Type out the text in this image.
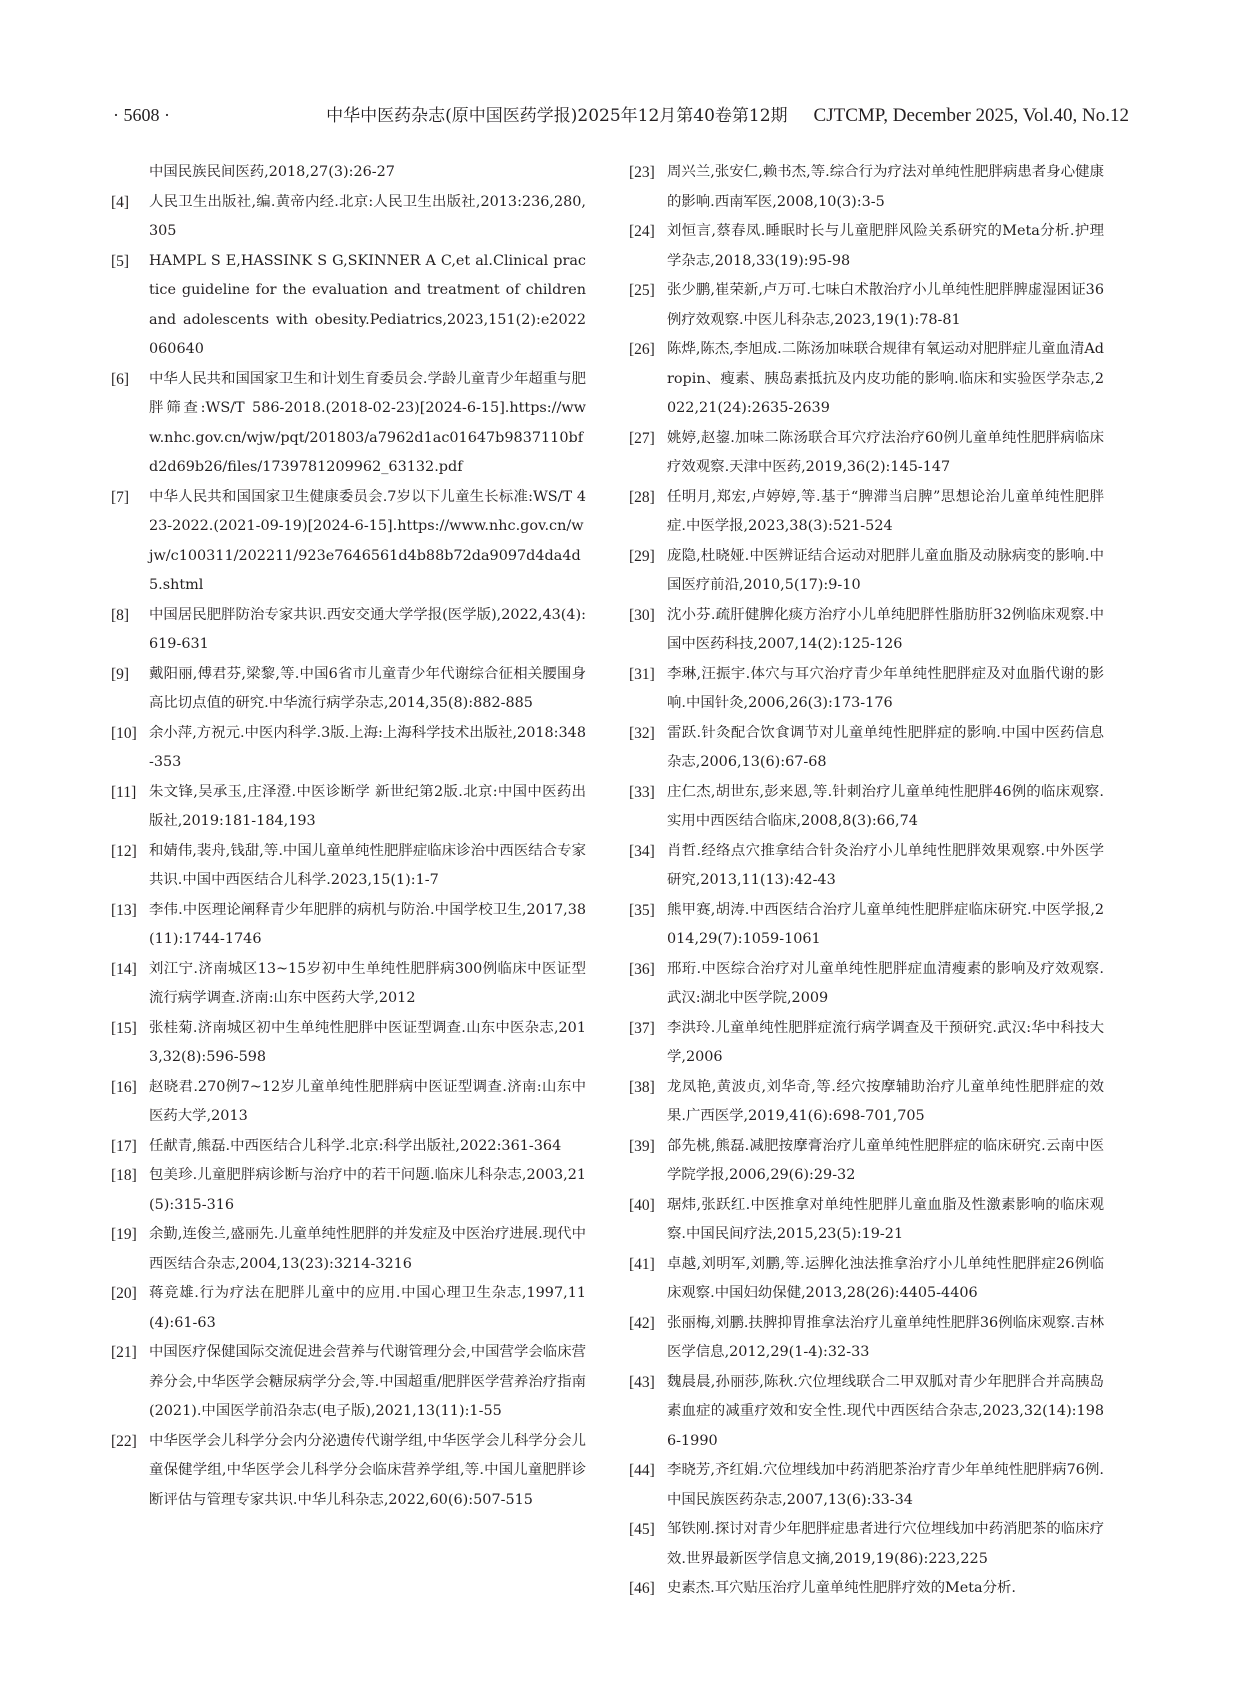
· 5608 ·	中华中医药杂志(原中国医药学报)2025年12月第40卷第12期	CJTCMP, December 2025, Vol.40, No.12
中国民族民间医药,2018,27(3):26-27
[4] 人民卫生出版社,编.黄帝内经.北京:人民卫生出版社,2013:236,280,305
[5] HAMPL S E,HASSINK S G,SKINNER A C,et al.Clinical practice guideline for the evaluation and treatment of children and adolescents with obesity.Pediatrics,2023,151(2):e2022060640
[6] 中华人民共和国国家卫生和计划生育委员会.学龄儿童青少年超重与肥胖筛查:WS/T 586-2018.(2018-02-23)[2024-6-15].https://www.nhc.gov.cn/wjw/pqt/201803/a7962d1ac01647b9837110bfd2d69b26/files/1739781209962_63132.pdf
[7] 中华人民共和国国家卫生健康委员会.7岁以下儿童生长标准:WS/T 423-2022.(2021-09-19)[2024-6-15].https://www.nhc.gov.cn/wjw/c100311/202211/923e7646561d4b88b72da9097d4da4d5.shtml
[8] 中国居民肥胖防治专家共识.西安交通大学学报(医学版),2022,43(4):619-631
[9] 戴阳丽,傅君芬,梁黎,等.中国6省市儿童青少年代谢综合征相关腰围身高比切点值的研究.中华流行病学杂志,2014,35(8):882-885
[10] 余小萍,方祝元.中医内科学.3版.上海:上海科学技术出版社,2018:348-353
[11] 朱文锋,吴承玉,庄泽澄.中医诊断学 新世纪第2版.北京:中国中医药出版社,2019:181-184,193
[12] 和婧伟,裴舟,钱甜,等.中国儿童单纯性肥胖症临床诊治中西医结合专家共识.中国中西医结合儿科学.2023,15(1):1-7
[13] 李伟.中医理论阐释青少年肥胖的病机与防治.中国学校卫生,2017,38(11):1744-1746
[14] 刘江宁.济南城区13~15岁初中生单纯性肥胖病300例临床中医证型流行病学调查.济南:山东中医药大学,2012
[15] 张桂菊.济南城区初中生单纯性肥胖中医证型调查.山东中医杂志,2013,32(8):596-598
[16] 赵晓君.270例7~12岁儿童单纯性肥胖病中医证型调查.济南:山东中医药大学,2013
[17] 任献青,熊磊.中西医结合儿科学.北京:科学出版社,2022:361-364
[18] 包美珍.儿童肥胖病诊断与治疗中的若干问题.临床儿科杂志,2003,21(5):315-316
[19] 余勤,连俊兰,盛丽先.儿童单纯性肥胖的并发症及中医治疗进展.现代中西医结合杂志,2004,13(23):3214-3216
[20] 蒋竞雄.行为疗法在肥胖儿童中的应用.中国心理卫生杂志,1997,11(4):61-63
[21] 中国医疗保健国际交流促进会营养与代谢管理分会,中国营学会临床营养分会,中华医学会糖尿病学分会,等.中国超重/肥胖医学营养治疗指南(2021).中国医学前沿杂志(电子版),2021,13(11):1-55
[22] 中华医学会儿科学分会内分泌遗传代谢学组,中华医学会儿科学分会儿童保健学组,中华医学会儿科学分会临床营养学组,等.中国儿童肥胖诊断评估与管理专家共识.中华儿科杂志,2022,60(6):507-515
[23] 周兴兰,张安仁,赖书杰,等.综合行为疗法对单纯性肥胖病患者身心健康的影响.西南军医,2008,10(3):3-5
[24] 刘恒言,蔡春凤.睡眠时长与儿童肥胖风险关系研究的Meta分析.护理学杂志,2018,33(19):95-98
[25] 张少鹏,崔荣新,卢万可.七味白术散治疗小儿单纯性肥胖脾虚湿困证36例疗效观察.中医儿科杂志,2023,19(1):78-81
[26] 陈烨,陈杰,李旭成.二陈汤加味联合规律有氧运动对肥胖症儿童血清Adropin、瘦素、胰岛素抵抗及内皮功能的影响.临床和实验医学杂志,2022,21(24):2635-2639
[27] 姚婷,赵鋆.加味二陈汤联合耳穴疗法治疗60例儿童单纯性肥胖病临床疗效观察.天津中医药,2019,36(2):145-147
[28] 任明月,郑宏,卢婷婷,等.基于“脾滞当启脾”思想论治儿童单纯性肥胖症.中医学报,2023,38(3):521-524
[29] 庞隐,杜晓娅.中医辨证结合运动对肥胖儿童血脂及动脉病变的影响.中国医疗前沿,2010,5(17):9-10
[30] 沈小芬.疏肝健脾化痰方治疗小儿单纯肥胖性脂肪肝32例临床观察.中国中医药科技,2007,14(2):125-126
[31] 李琳,汪振宇.体穴与耳穴治疗青少年单纯性肥胖症及对血脂代谢的影响.中国针灸,2006,26(3):173-176
[32] 雷跃.针灸配合饮食调节对儿童单纯性肥胖症的影响.中国中医药信息杂志,2006,13(6):67-68
[33] 庄仁杰,胡世东,彭来恩,等.针刺治疗儿童单纯性肥胖46例的临床观察.实用中西医结合临床,2008,8(3):66,74
[34] 肖哲.经络点穴推拿结合针灸治疗小儿单纯性肥胖效果观察.中外医学研究,2013,11(13):42-43
[35] 熊甲赛,胡涛.中西医结合治疗儿童单纯性肥胖症临床研究.中医学报,2014,29(7):1059-1061
[36] 邢珩.中医综合治疗对儿童单纯性肥胖症血清瘦素的影响及疗效观察.武汉:湖北中医学院,2009
[37] 李洪玲.儿童单纯性肥胖症流行病学调查及干预研究.武汉:华中科技大学,2006
[38] 龙凤艳,黄波贞,刘华奇,等.经穴按摩辅助治疗儿童单纯性肥胖症的效果.广西医学,2019,41(6):698-701,705
[39] 郃先桃,熊磊.减肥按摩膏治疗儿童单纯性肥胖症的临床研究.云南中医学院学报,2006,29(6):29-32
[40] 琚炜,张跃红.中医推拿对单纯性肥胖儿童血脂及性激素影响的临床观察.中国民间疗法,2015,23(5):19-21
[41] 卓越,刘明军,刘鹏,等.运脾化浊法推拿治疗小儿单纯性肥胖症26例临床观察.中国妇幼保健,2013,28(26):4405-4406
[42] 张丽梅,刘鹏.扶脾抑胃推拿法治疗儿童单纯性肥胖36例临床观察.吉林医学信息,2012,29(1-4):32-33
[43] 魏晨晨,孙丽莎,陈秋.穴位埋线联合二甲双胍对青少年肥胖合并高胰岛素血症的减重疗效和安全性.现代中西医结合杂志,2023,32(14):1986-1990
[44] 李晓芳,齐红娟.穴位埋线加中药消肥茶治疗青少年单纯性肥胖病76例.中国民族医药杂志,2007,13(6):33-34
[45] 邹铁刚.探讨对青少年肥胖症患者进行穴位埋线加中药消肥茶的临床疗效.世界最新医学信息文摘,2019,19(86):223,225
[46] 史素杰.耳穴贴压治疗儿童单纯性肥胖疗效的Meta分析.
